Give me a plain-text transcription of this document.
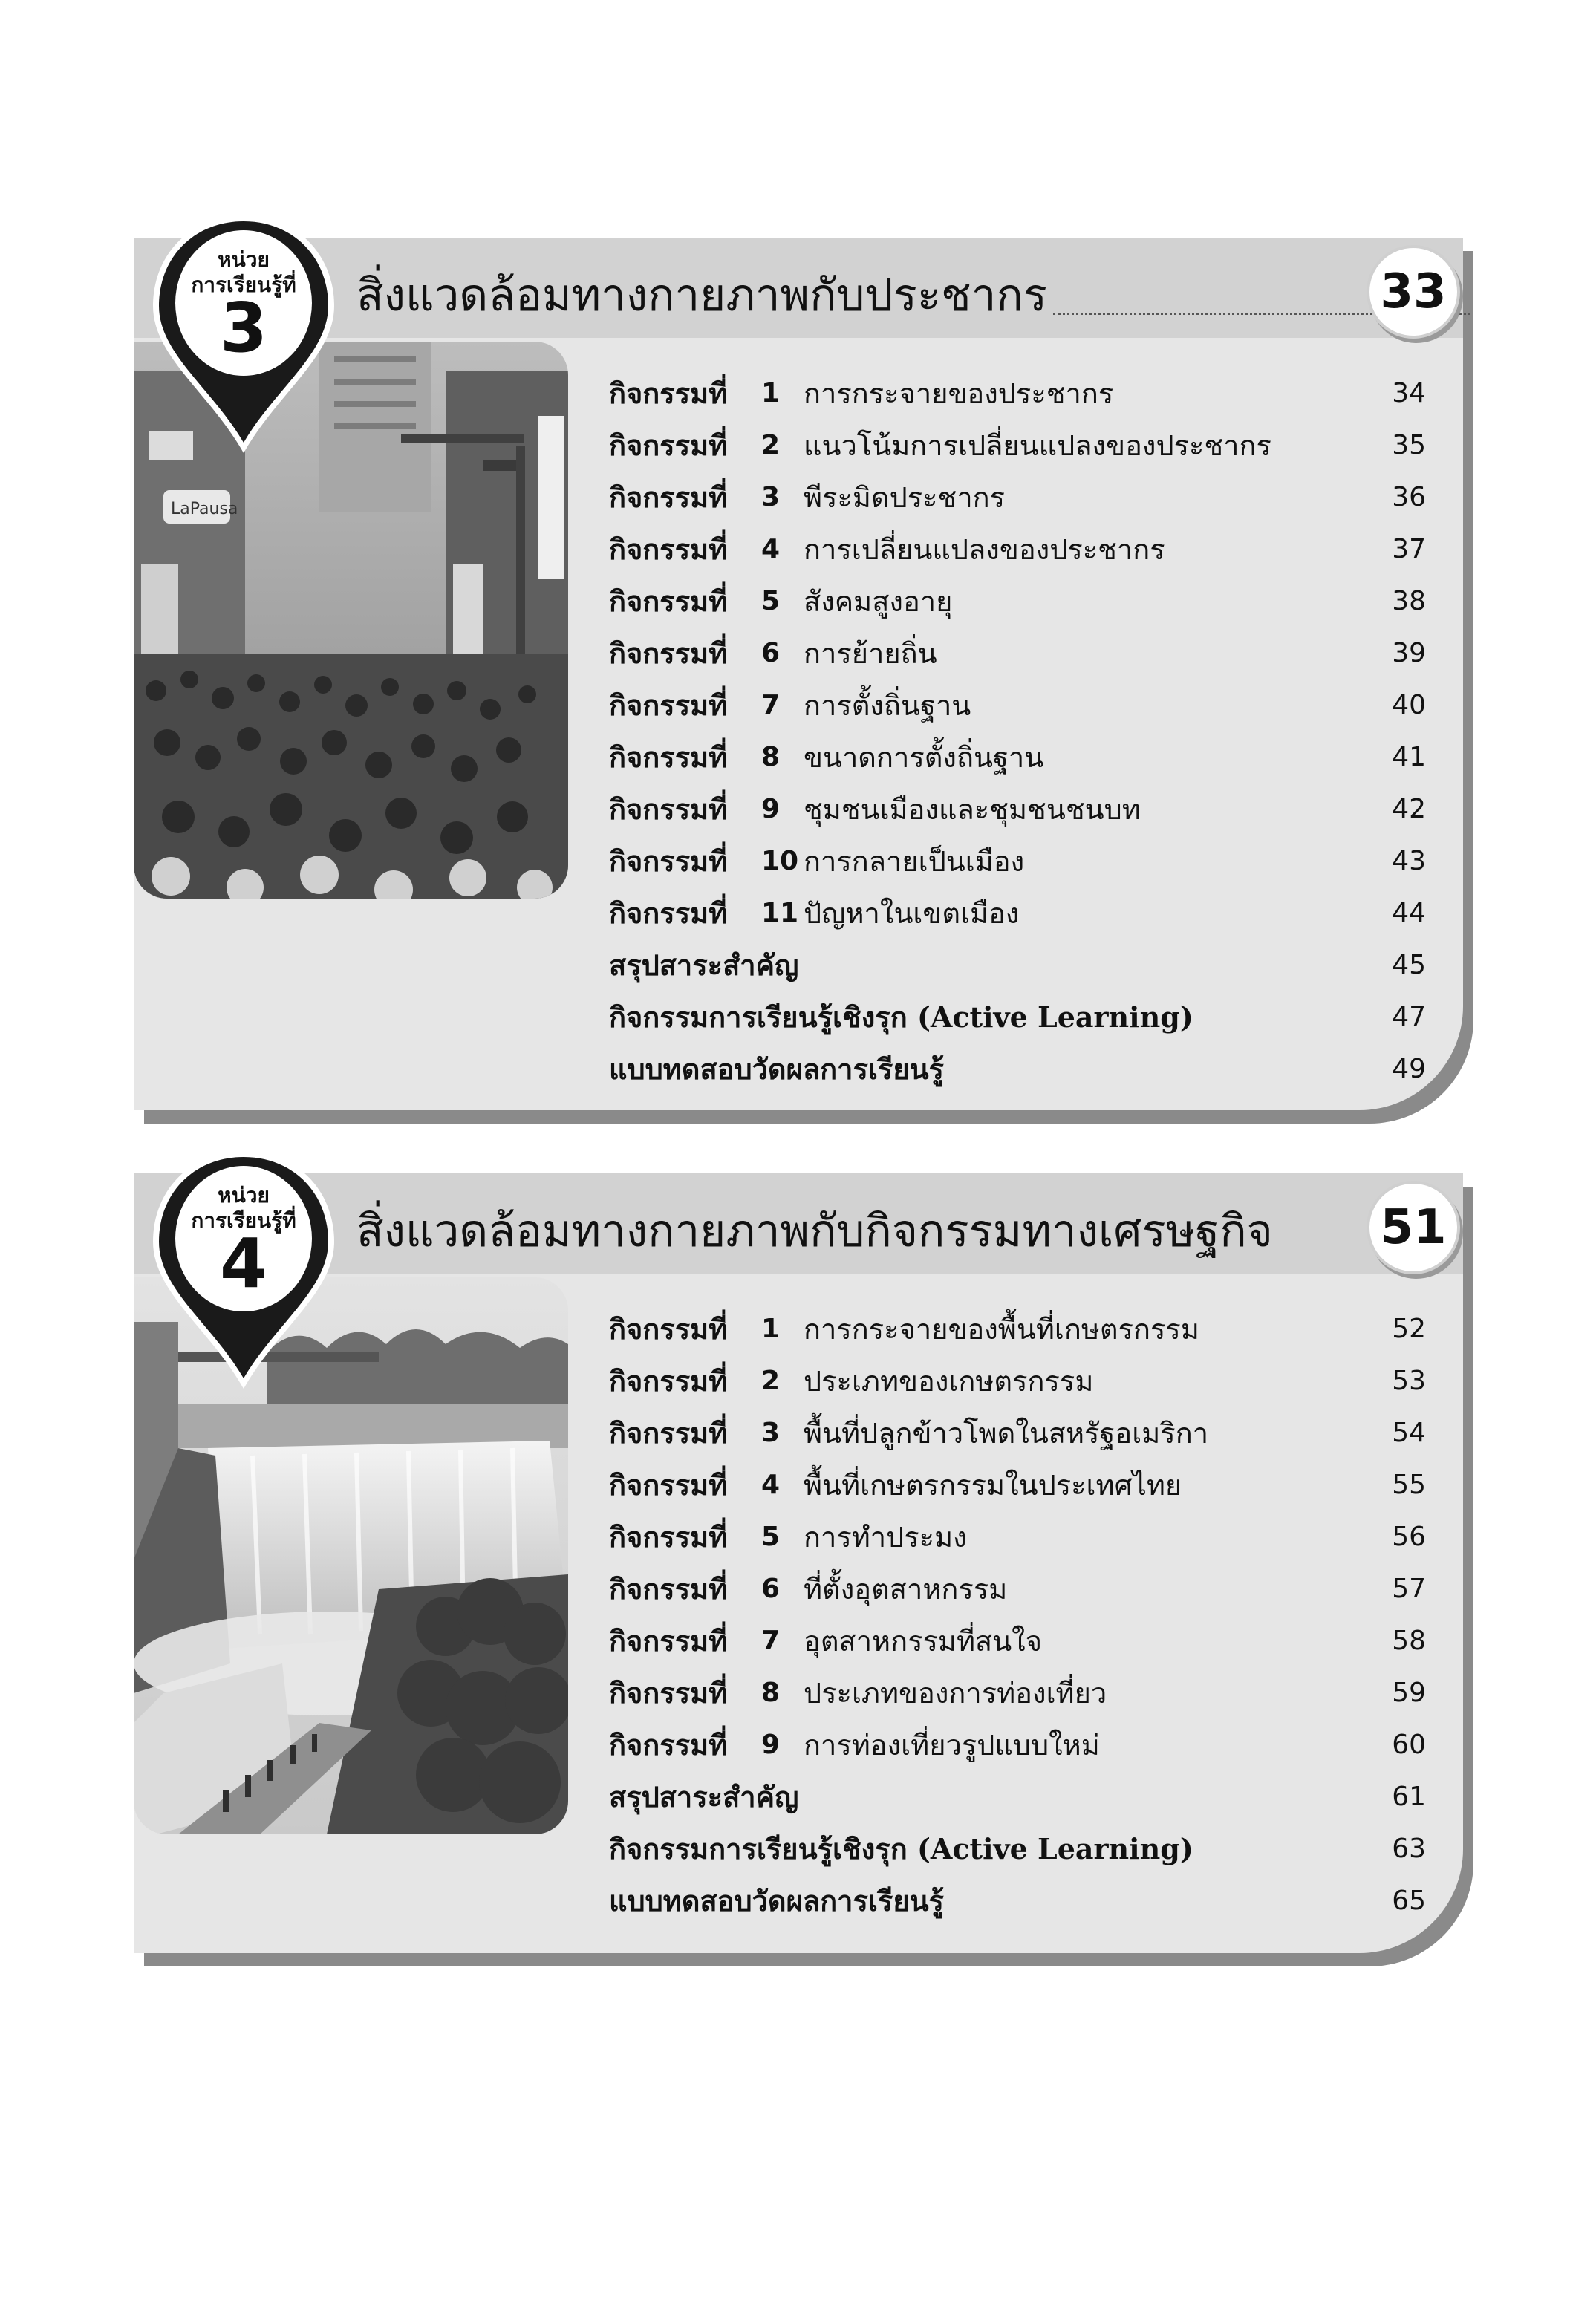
สิ่งแวดล้อมทางกายภาพกับประชากร	33
LaPausa
หน่วย
การเรียนรู้ที่
3
กิจกรรมที่ 1 การกระจายของประชากร	34
กิจกรรมที่ 2 แนวโน้มการเปลี่ยนแปลงของประชากร	35
กิจกรรมที่ 3 พีระมิดประชากร	36
กิจกรรมที่ 4 การเปลี่ยนแปลงของประชากร	37
กิจกรรมที่ 5 สังคมสูงอายุ	38
กิจกรรมที่ 6 การย้ายถิ่น	39
กิจกรรมที่ 7 การตั้งถิ่นฐาน	40
กิจกรรมที่ 8 ขนาดการตั้งถิ่นฐาน	41
กิจกรรมที่ 9 ชุมชนเมืองและชุมชนชนบท	42
กิจกรรมที่ 10 การกลายเป็นเมือง	43
กิจกรรมที่ 11 ปัญหาในเขตเมือง	44
สรุปสาระสำคัญ	45
กิจกรรมการเรียนรู้เชิงรุก (Active Learning)	47
แบบทดสอบวัดผลการเรียนรู้	49
สิ่งแวดล้อมทางกายภาพกับกิจกรรมทางเศรษฐกิจ 51
หน่วย
การเรียนรู้ที่
4
กิจกรรมที่ 1 การกระจายของพื้นที่เกษตรกรรม	52
กิจกรรมที่ 2 ประเภทของเกษตรกรรม	53
กิจกรรมที่ 3 พื้นที่ปลูกข้าวโพดในสหรัฐอเมริกา	54
กิจกรรมที่ 4 พื้นที่เกษตรกรรมในประเทศไทย	55
กิจกรรมที่ 5 การทำประมง	56
กิจกรรมที่ 6 ที่ตั้งอุตสาหกรรม	57
กิจกรรมที่ 7 อุตสาหกรรมที่สนใจ	58
กิจกรรมที่ 8 ประเภทของการท่องเที่ยว	59
กิจกรรมที่ 9 การท่องเที่ยวรูปแบบใหม่	60
สรุปสาระสำคัญ	61
กิจกรรมการเรียนรู้เชิงรุก (Active Learning)	63
แบบทดสอบวัดผลการเรียนรู้	65
